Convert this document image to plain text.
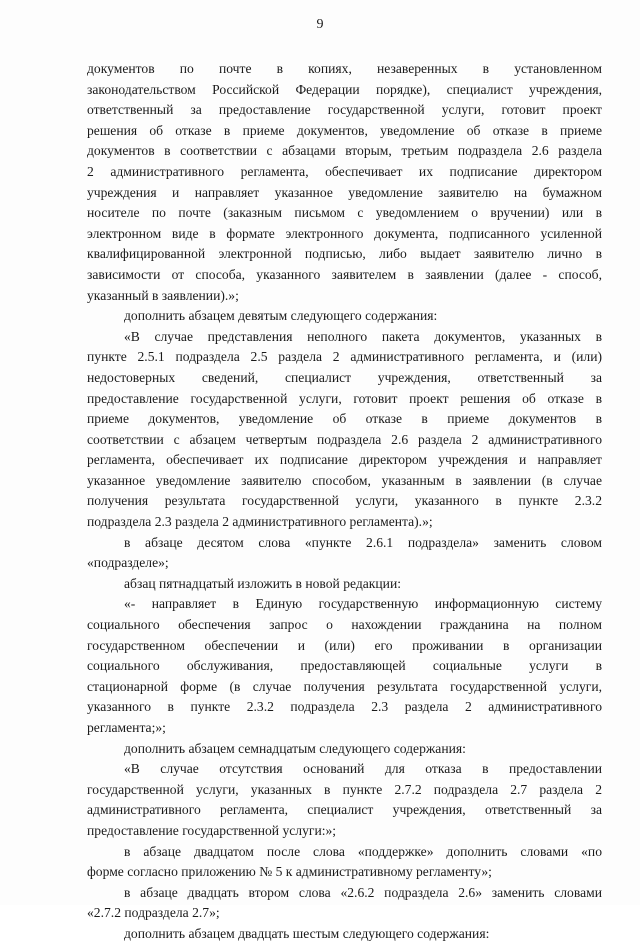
9
документов по почте в копиях, незаверенных в установленном
законодательством Российской Федерации порядке), специалист учреждения,
ответственный за предоставление государственной услуги, готовит проект
решения об отказе в приеме документов, уведомление об отказе в приеме
документов в соответствии с абзацами вторым, третьим подраздела 2.6 раздела
2 административного регламента, обеспечивает их подписание директором
учреждения и направляет указанное уведомление заявителю на бумажном
носителе по почте (заказным письмом с уведомлением о вручении) или в
электронном виде в формате электронного документа, подписанного усиленной
квалифицированной электронной подписью, либо выдает заявителю лично в
зависимости от способа, указанного заявителем в заявлении (далее - способ,
указанный в заявлении).»;
дополнить абзацем девятым следующего содержания:
«В случае представления неполного пакета документов, указанных в
пункте 2.5.1 подраздела 2.5 раздела 2 административного регламента, и (или)
недостоверных сведений, специалист учреждения, ответственный за
предоставление государственной услуги, готовит проект решения об отказе в
приеме документов, уведомление об отказе в приеме документов в
соответствии с абзацем четвертым подраздела 2.6 раздела 2 административного
регламента, обеспечивает их подписание директором учреждения и направляет
указанное уведомление заявителю способом, указанным в заявлении (в случае
получения результата государственной услуги, указанного в пункте 2.3.2
подраздела 2.3 раздела 2 административного регламента).»;
в абзаце десятом слова «пункте 2.6.1 подраздела» заменить словом
«подразделе»;
абзац пятнадцатый изложить в новой редакции:
«- направляет в Единую государственную информационную систему
социального обеспечения запрос о нахождении гражданина на полном
государственном обеспечении и (или) его проживании в организации
социального обслуживания, предоставляющей социальные услуги в
стационарной форме (в случае получения результата государственной услуги,
указанного в пункте 2.3.2 подраздела 2.3 раздела 2 административного
регламента;»;
дополнить абзацем семнадцатым следующего содержания:
«В случае отсутствия оснований для отказа в предоставлении
государственной услуги, указанных в пункте 2.7.2 подраздела 2.7 раздела 2
административного регламента, специалист учреждения, ответственный за
предоставление государственной услуги:»;
в абзаце двадцатом после слова «поддержке» дополнить словами «по
форме согласно приложению № 5 к административному регламенту»;
в абзаце двадцать втором слова «2.6.2 подраздела 2.6» заменить словами
«2.7.2 подраздела 2.7»;
дополнить абзацем двадцать шестым следующего содержания:
